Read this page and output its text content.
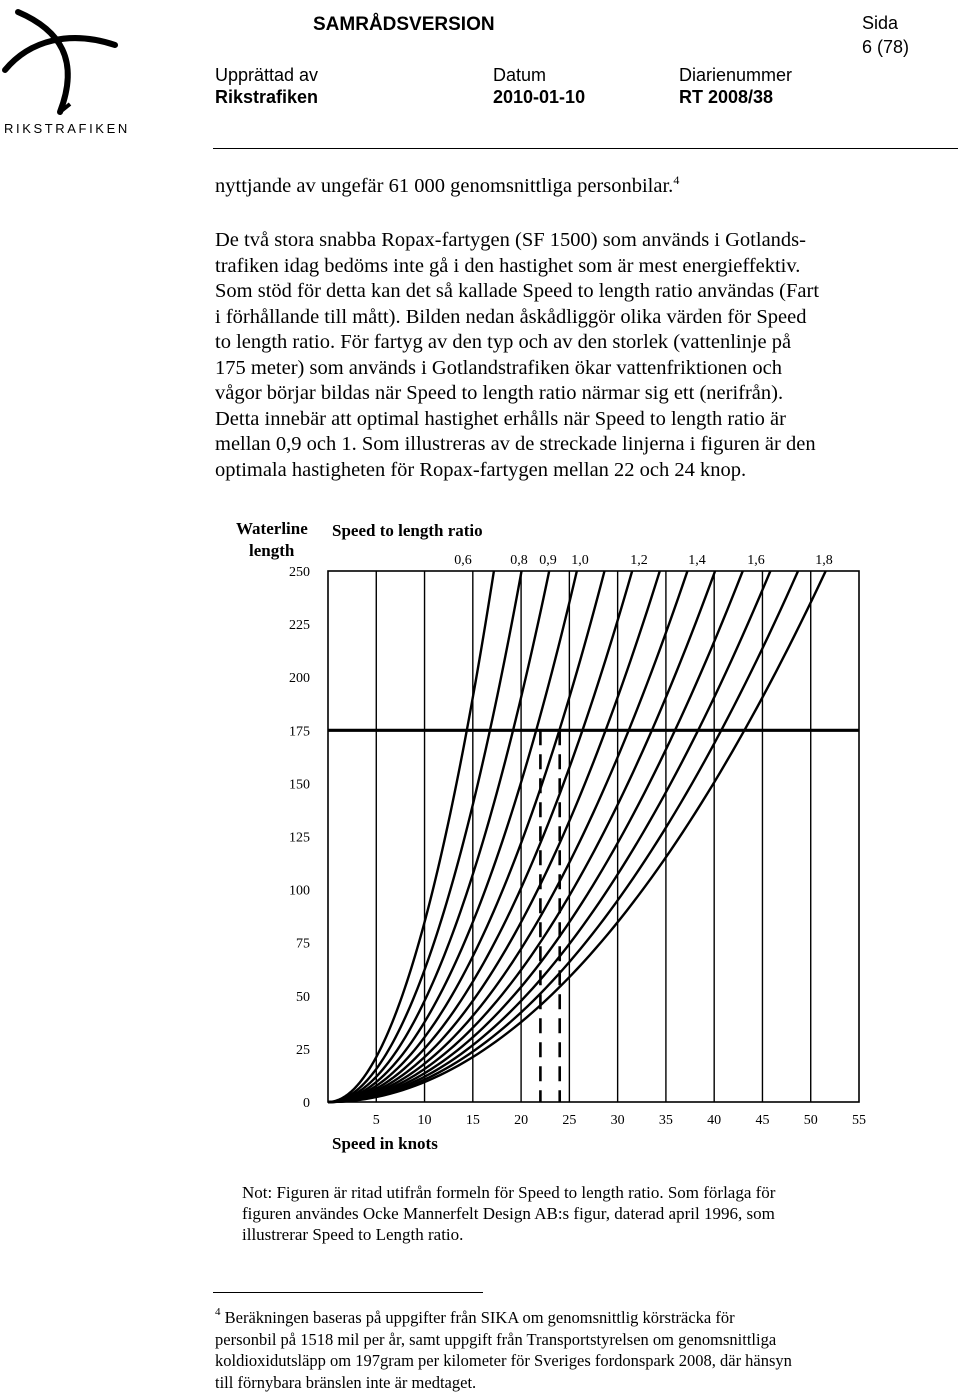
RIKSTRAFIKEN
SAMRÅDSVERSION	Sida
6 (78)
Upprättad av
Rikstrafiken
Datum
2010-01-10
Diarienummer
RT 2008/38
nyttjande av ungefär 61 000 genomsnittliga personbilar.$^4$
De två stora snabba Ropax-fartygen (SF 1500) som används i Gotlands-
trafiken idag bedöms inte gå i den hastighet som är mest energieffektiv.
Som stöd för detta kan det så kallade Speed to length ratio användas (Fart
i förhållande till mått). Bilden nedan åskådliggör olika värden för Speed
to length ratio. För fartyg av den typ och av den storlek (vattenlinje på
175 meter) som används i Gotlandstrafiken ökar vattenfriktionen och
vågor börjar bildas när Speed to length ratio närmar sig ett (nerifrån).
Detta innebär att optimal hastighet erhålls när Speed to length ratio är
mellan 0,9 och 1. Som illustreras av de streckade linjerna i figuren är den
optimala hastigheten för Ropax-fartygen mellan 22 och 24 knop.
Waterline
length
Speed to length ratio
Speed in knots
5	10 15 20 25 30 35 40 45 50 55
250
225
200
175
150
125
100
75
50
25
0
0,6	0,8 0,9 1,0	1,2	1,4	1,6	1,8
Not: Figuren är ritad utifrån formeln för Speed to length ratio. Som förlaga för
figuren användes Ocke Mannerfelt Design AB:s figur, daterad april 1996, som
illustrerar Speed to Length ratio.
$^4$ Beräkningen baseras på uppgifter från SIKA om genomsnittlig körsträcka för
personbil på 1518 mil per år, samt uppgift från Transportstyrelsen om genomsnittliga
koldioxidutsläpp om 197gram per kilometer för Sveriges fordonspark 2008, där hänsyn
till förnybara bränslen inte är medtaget.
